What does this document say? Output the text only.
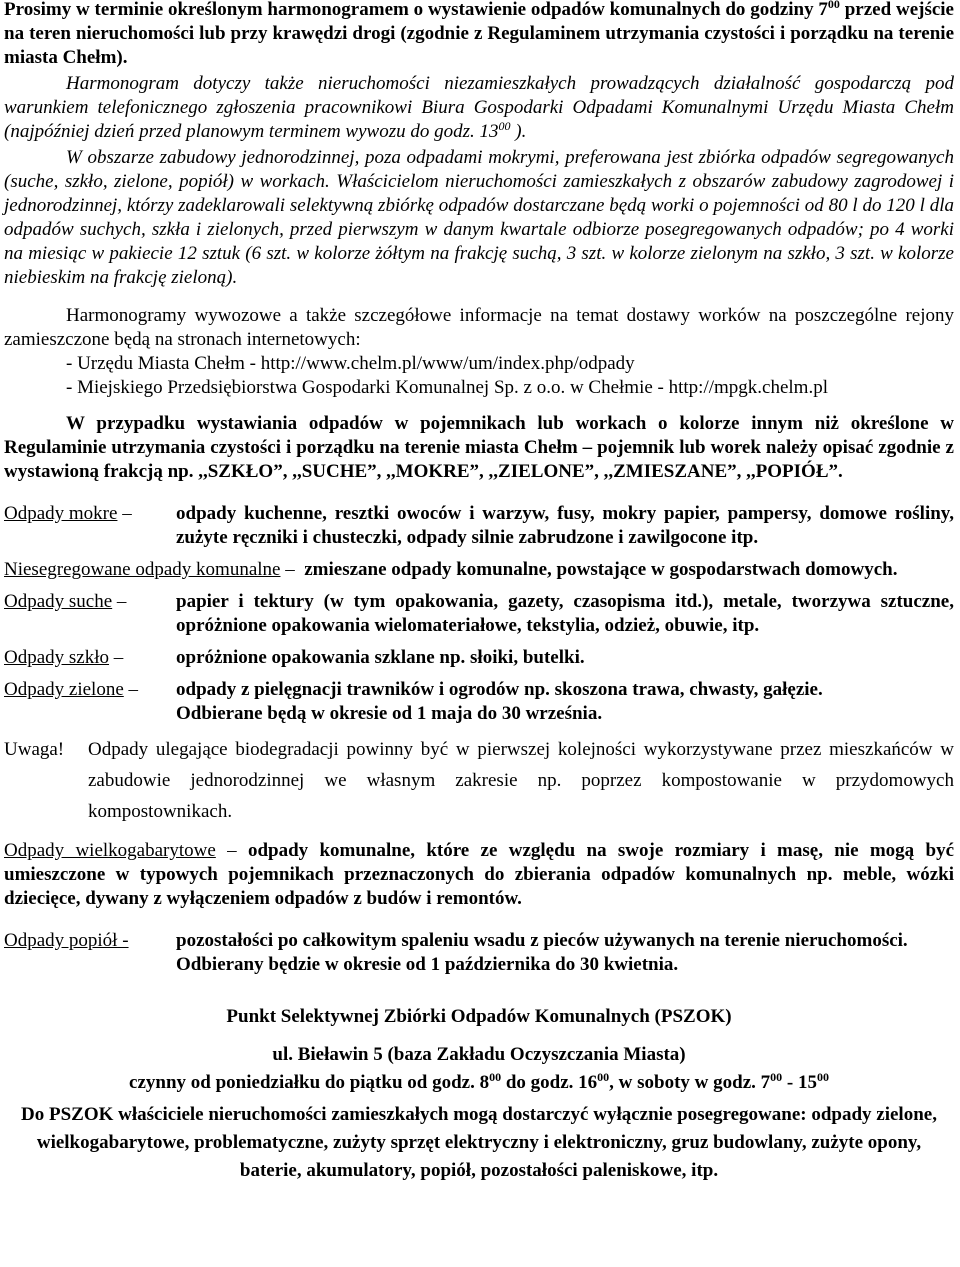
Prosimy w terminie określonym harmonogramem o wystawienie odpadów komunalnych do godziny $7^{00}$ przed wejście na teren nieruchomości lub przy krawędzi drogi (zgodnie z Regulaminem utrzymania czystości i porządku na terenie miasta Chełm).

Harmonogram dotyczy także nieruchomości niezamieszkałych prowadzących działalność gospodarczą pod warunkiem telefonicznego zgłoszenia pracownikowi Biura Gospodarki Odpadami Komunalnymi Urzędu Miasta Chełm (najpóźniej dzień przed planowym terminem wywozu do godz. $13^{00}$ ).

W obszarze zabudowy jednorodzinnej, poza odpadami mokrymi, preferowana jest zbiórka odpadów segregowanych (suche, szkło, zielone, popiół) w workach. Właścicielom nieruchomości zamieszkałych z obszarów zabudowy zagrodowej i jednorodzinnej, którzy zadeklarowali selektywną zbiórkę odpadów dostarczane będą worki o pojemności od 80 l do 120 l dla odpadów suchych, szkła i zielonych, przed pierwszym w danym kwartale odbiorze posegregowanych odpadów; po 4 worki na miesiąc w pakiecie 12 sztuk (6 szt. w kolorze żółtym na frakcję suchą, 3 szt. w kolorze zielonym na szkło, 3 szt. w kolorze niebieskim na frakcję zieloną).

Harmonogramy wywozowe a także szczegółowe informacje na temat dostawy worków na poszczególne rejony zamieszczone będą na stronach internetowych:

- Urzędu Miasta Chełm - http://www.chelm.pl/www/um/index.php/odpady

- Miejskiego Przedsiębiorstwa Gospodarki Komunalnej Sp. z o.o. w Chełmie - http://mpgk.chelm.pl

W przypadku wystawiania odpadów w pojemnikach lub workach o kolorze innym niż określone w Regulaminie utrzymania czystości i porządku na terenie miasta Chełm – pojemnik lub worek należy opisać zgodnie z wystawioną frakcją np. ,,SZKŁO”, ,,SUCHE”, ,,MOKRE”, ,,ZIELONE”, ,,ZMIESZANE”, ,,POPIÓŁ”.

Odpady mokre –	odpady kuchenne, resztki owoców i warzyw, fusy, mokry papier, pampersy, domowe rośliny, zużyte ręczniki i chusteczki, odpady silnie zabrudzone i zawilgocone itp.

Niesegregowane odpady komunalne – zmieszane odpady komunalne, powstające w gospodarstwach domowych.

Odpady suche –	papier i tektury (w tym opakowania, gazety, czasopisma itd.), metale, tworzywa sztuczne, opróżnione opakowania wielomateriałowe, tekstylia, odzież, obuwie, itp.
Odpady szkło –	opróżnione opakowania szklane np. słoiki, butelki.
Odpady zielone –	odpady z pielęgnacji trawników i ogrodów np. skoszona trawa, chwasty, gałęzie.
Odbierane będą w okresie od 1 maja do 30 września.
Uwaga!	Odpady ulegające biodegradacji powinny być w pierwszej kolejności wykorzystywane przez mieszkańców w zabudowie jednorodzinnej we własnym zakresie np. poprzez kompostowanie w przydomowych kompostownikach.

Odpady wielkogabarytowe – odpady komunalne, które ze względu na swoje rozmiary i masę, nie mogą być umieszczone w typowych pojemnikach przeznaczonych do zbierania odpadów komunalnych np. meble, wózki dziecięce, dywany z wyłączeniem odpadów z budów i remontów.

Odpady popiół -	pozostałości po całkowitym spaleniu wsadu z pieców używanych na terenie nieruchomości.
Odbierany będzie w okresie od 1 października do 30 kwietnia.

Punkt Selektywnej Zbiórki Odpadów Komunalnych (PSZOK)

ul. Bieławin 5 (baza Zakładu Oczyszczania Miasta)

czynny od poniedziałku do piątku od godz. $8^{00}$ do godz. $16^{00}$, w soboty w godz. $7^{00} - 15^{00}$

Do PSZOK właściciele nieruchomości zamieszkałych mogą dostarczyć wyłącznie posegregowane: odpady zielone, wielkogabarytowe, problematyczne, zużyty sprzęt elektryczny i elektroniczny, gruz budowlany, zużyte opony, baterie, akumulatory, popiół, pozostałości paleniskowe, itp.
